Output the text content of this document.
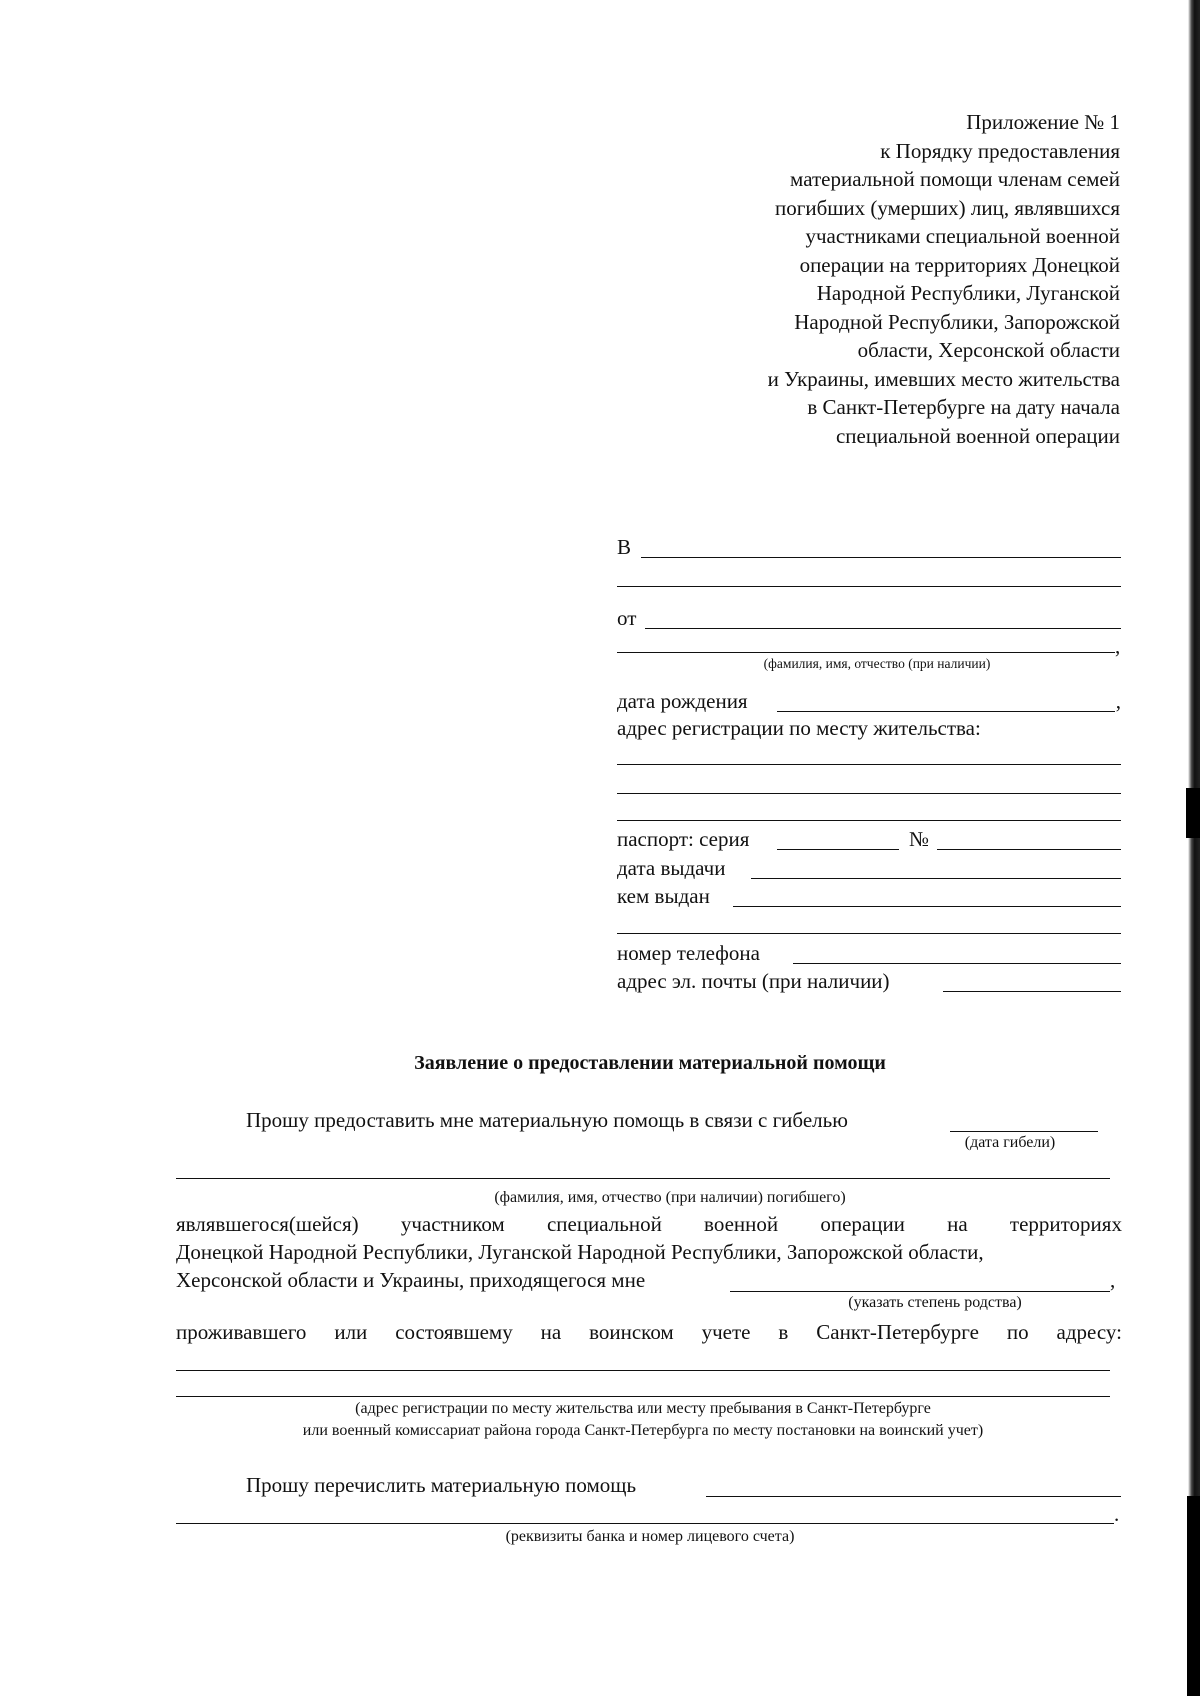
Приложение № 1
к Порядку предоставления
материальной помощи членам семей
погибших (умерших) лиц, являвшихся
участниками специальной военной
операции на территориях Донецкой
Народной Республики, Луганской
Народной Республики, Запорожской
области, Херсонской области
и Украины, имевших место жительства
в Санкт-Петербурге на дату начала
специальной военной операции
В
от
,
(фамилия, имя, отчество (при наличии)
дата рождения	,
адрес регистрации по месту жительства:
паспорт: серия	№
дата выдачи
кем выдан
номер телефона
адрес эл. почты (при наличии)
Заявление о предоставлении материальной помощи
Прошу предоставить мне материальную помощь в связи с гибелью
(дата гибели)
(фамилия, имя, отчество (при наличии) погибшего)
являвшегося(шейся) участником специальной военной операции на территориях
Донецкой Народной Республики, Луганской Народной Республики, Запорожской области,
Херсонской области и Украины, приходящегося мне	,
(указать степень родства)
проживавшего или состоявшему на воинском учете в Санкт-Петербурге по адресу:
(адрес регистрации по месту жительства или месту пребывания в Санкт-Петербурге
или военный комиссариат района города Санкт-Петербурга по месту постановки на воинский учет)
Прошу перечислить материальную помощь
.
(реквизиты банка и номер лицевого счета)
